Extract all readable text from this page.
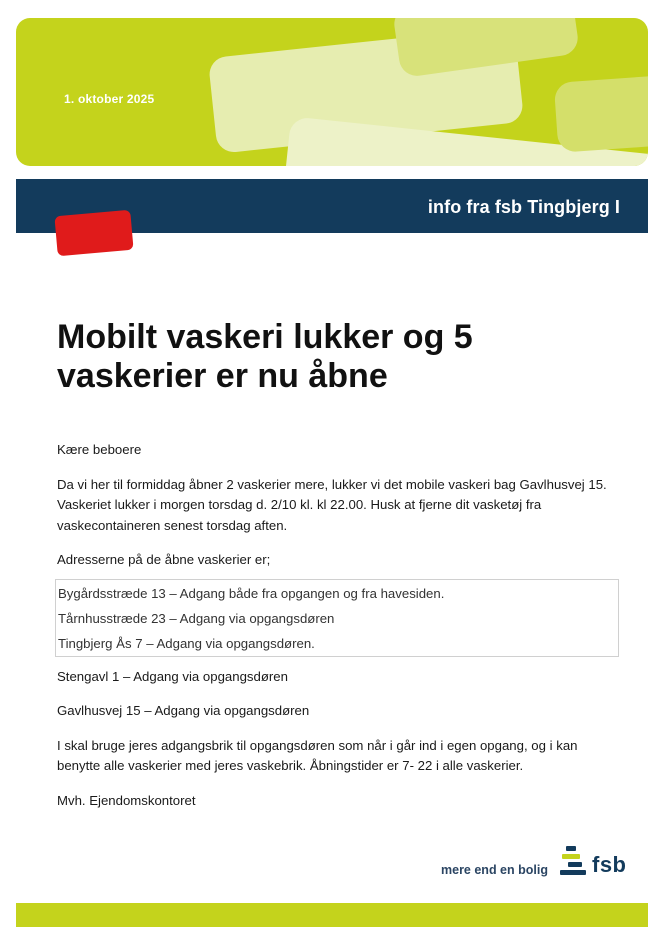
1. oktober 2025
info fra fsb Tingbjerg I
Mobilt vaskeri lukker og 5 vaskerier er nu åbne

Kære beboere

Da vi her til formiddag åbner 2 vaskerier mere, lukker vi det mobile vaskeri bag Gavlhusvej 15. Vaskeriet lukker i morgen torsdag d. 2/10 kl. kl 22.00. Husk at fjerne dit vasketøj fra vaskecontaineren senest torsdag aften.

Adresserne på de åbne vaskerier er;

Bygårdsstræde 13 – Adgang både fra opgangen og fra havesiden.
Tårnhusstræde 23 – Adgang via opgangsdøren
Tingbjerg Ås 7 – Adgang via opgangsdøren.

Stengavl 1 – Adgang via opgangsdøren

Gavlhusvej 15 – Adgang via opgangsdøren

I skal bruge jeres adgangsbrik til opgangsdøren som når i går ind i egen opgang, og i kan benytte alle vaskerier med jeres vaskebrik. Åbningstider er 7- 22 i alle vaskerier.

Mvh. Ejendomskontoret

mere end en bolig fsb
